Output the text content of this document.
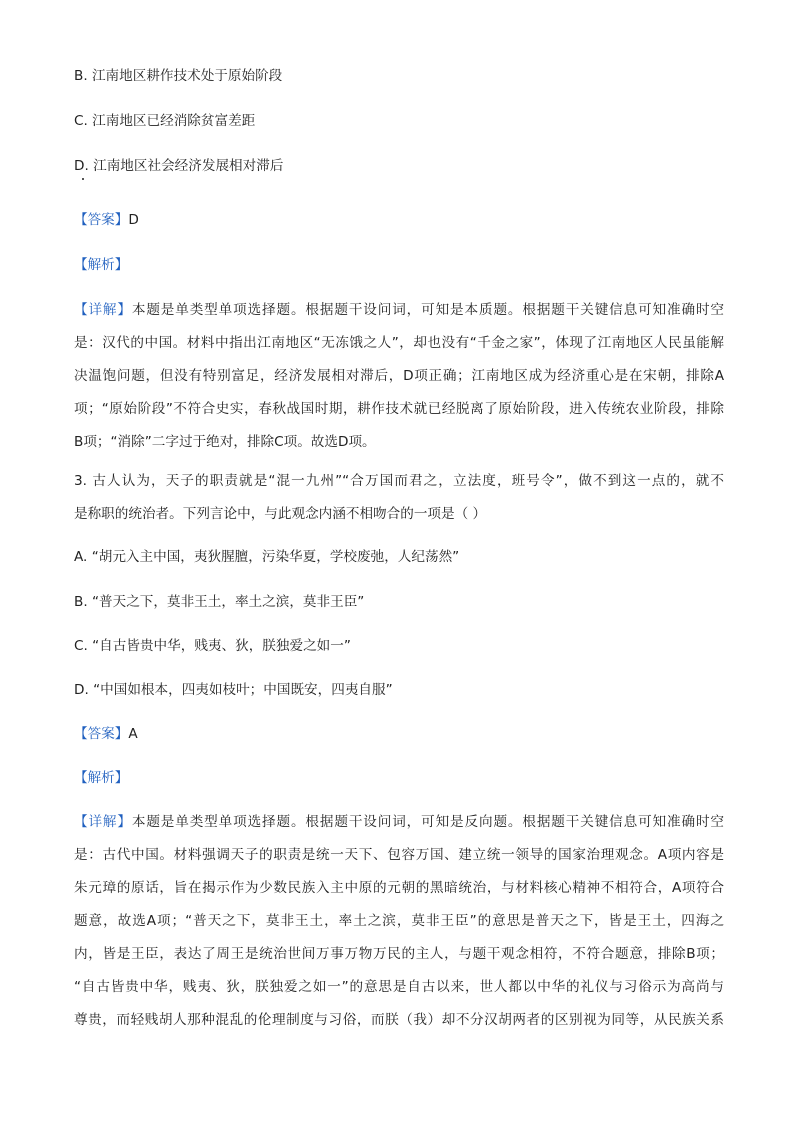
B. 江南地区耕作技术处于原始阶段
C. 江南地区已经消除贫富差距
D. 江南地区社会经济发展相对滞后
【答案】D
【解析】
【详解】本题是单类型单项选择题。根据题干设问词，可知是本质题。根据题干关键信息可知准确时空
是：汉代的中国。材料中指出江南地区“无冻饿之人”，却也没有“千金之家”，体现了江南地区人民虽能解
决温饱问题，但没有特别富足，经济发展相对滞后，D项正确；江南地区成为经济重心是在宋朝，排除A
项；“原始阶段”不符合史实，春秋战国时期，耕作技术就已经脱离了原始阶段，进入传统农业阶段，排除
B项；“消除”二字过于绝对，排除C项。故选D项。
3. 古人认为，天子的职责就是“混一九州”“合万国而君之，立法度，班号令”，做不到这一点的，就不
是称职的统治者。下列言论中，与此观念内涵不相吻合的一项是（ ）
A. “胡元入主中国，夷狄腥膻，污染华夏，学校废弛，人纪荡然”
B. “普天之下，莫非王土，率土之滨，莫非王臣”
C. “自古皆贵中华，贱夷、狄，朕独爱之如一”
D. “中国如根本，四夷如枝叶；中国既安，四夷自服”
【答案】A
【解析】
【详解】本题是单类型单项选择题。根据题干设问词，可知是反向题。根据题干关键信息可知准确时空
是：古代中国。材料强调天子的职责是统一天下、包容万国、建立统一领导的国家治理观念。A项内容是
朱元璋的原话，旨在揭示作为少数民族入主中原的元朝的黑暗统治，与材料核心精神不相符合，A项符合
题意，故选A项；“普天之下，莫非王土，率土之滨，莫非王臣”的意思是普天之下，皆是王土，四海之
内，皆是王臣，表达了周王是统治世间万事万物万民的主人，与题干观念相符，不符合题意，排除B项；
“自古皆贵中华，贱夷、狄，朕独爱之如一”的意思是自古以来，世人都以中华的礼仪与习俗示为高尚与
尊贵，而轻贱胡人那种混乱的伦理制度与习俗，而朕（我）却不分汉胡两者的区别视为同等，从民族关系
